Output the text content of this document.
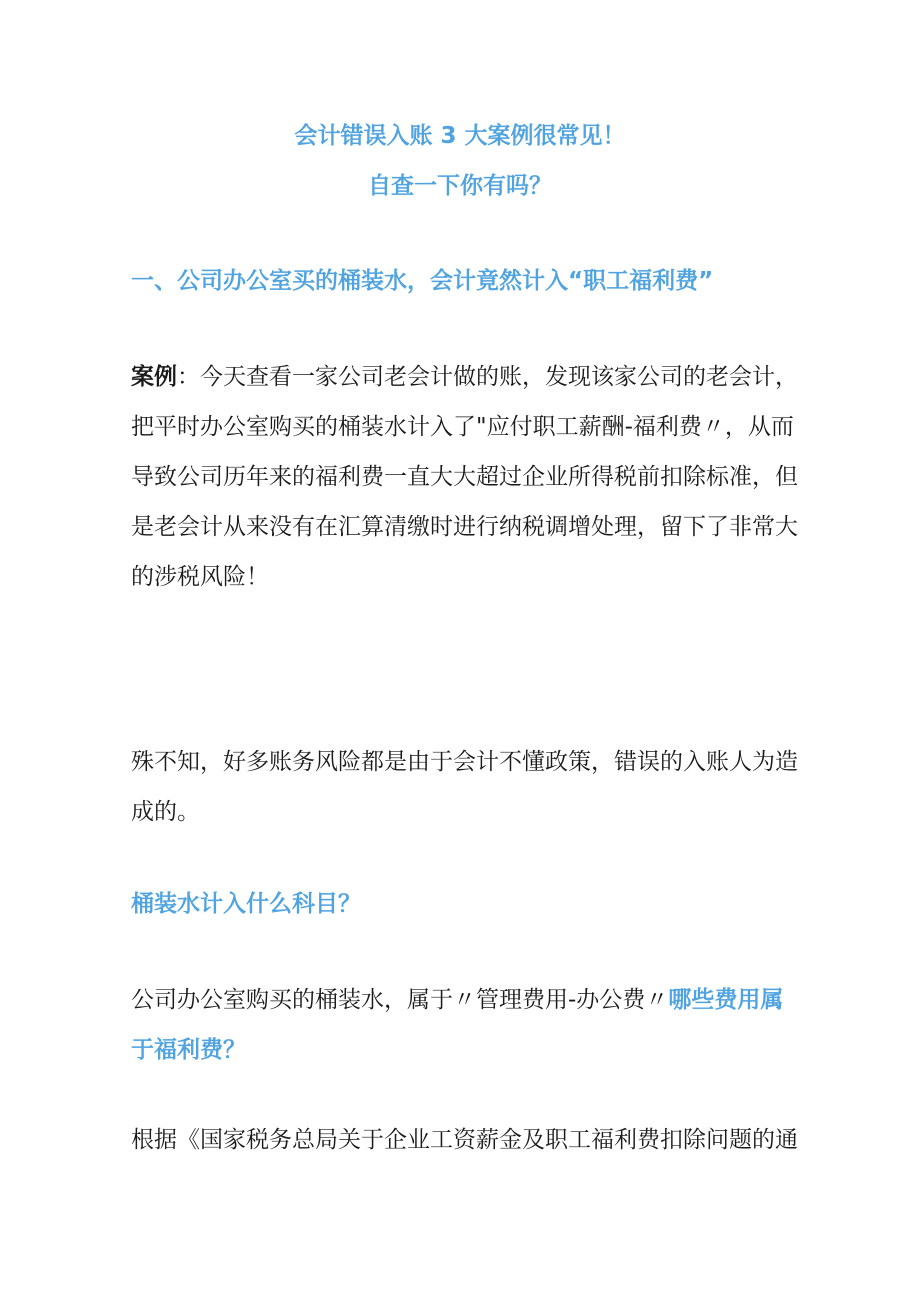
会计错误入账 3 大案例很常见！
自查一下你有吗？
一、公司办公室买的桶装水，会计竟然计入“职工福利费”
案例：今天查看一家公司老会计做的账，发现该家公司的老会计，
把平时办公室购买的桶装水计入了"应付职工薪酬-福利费〃，从而
导致公司历年来的福利费一直大大超过企业所得税前扣除标准，但
是老会计从来没有在汇算清缴时进行纳税调增处理，留下了非常大
的涉税风险！
殊不知，好多账务风险都是由于会计不懂政策，错误的入账人为造
成的。
桶装水计入什么科目？
公司办公室购买的桶装水，属于〃管理费用-办公费〃哪些费用属
于福利费？
根据《国家税务总局关于企业工资薪金及职工福利费扣除问题的通
